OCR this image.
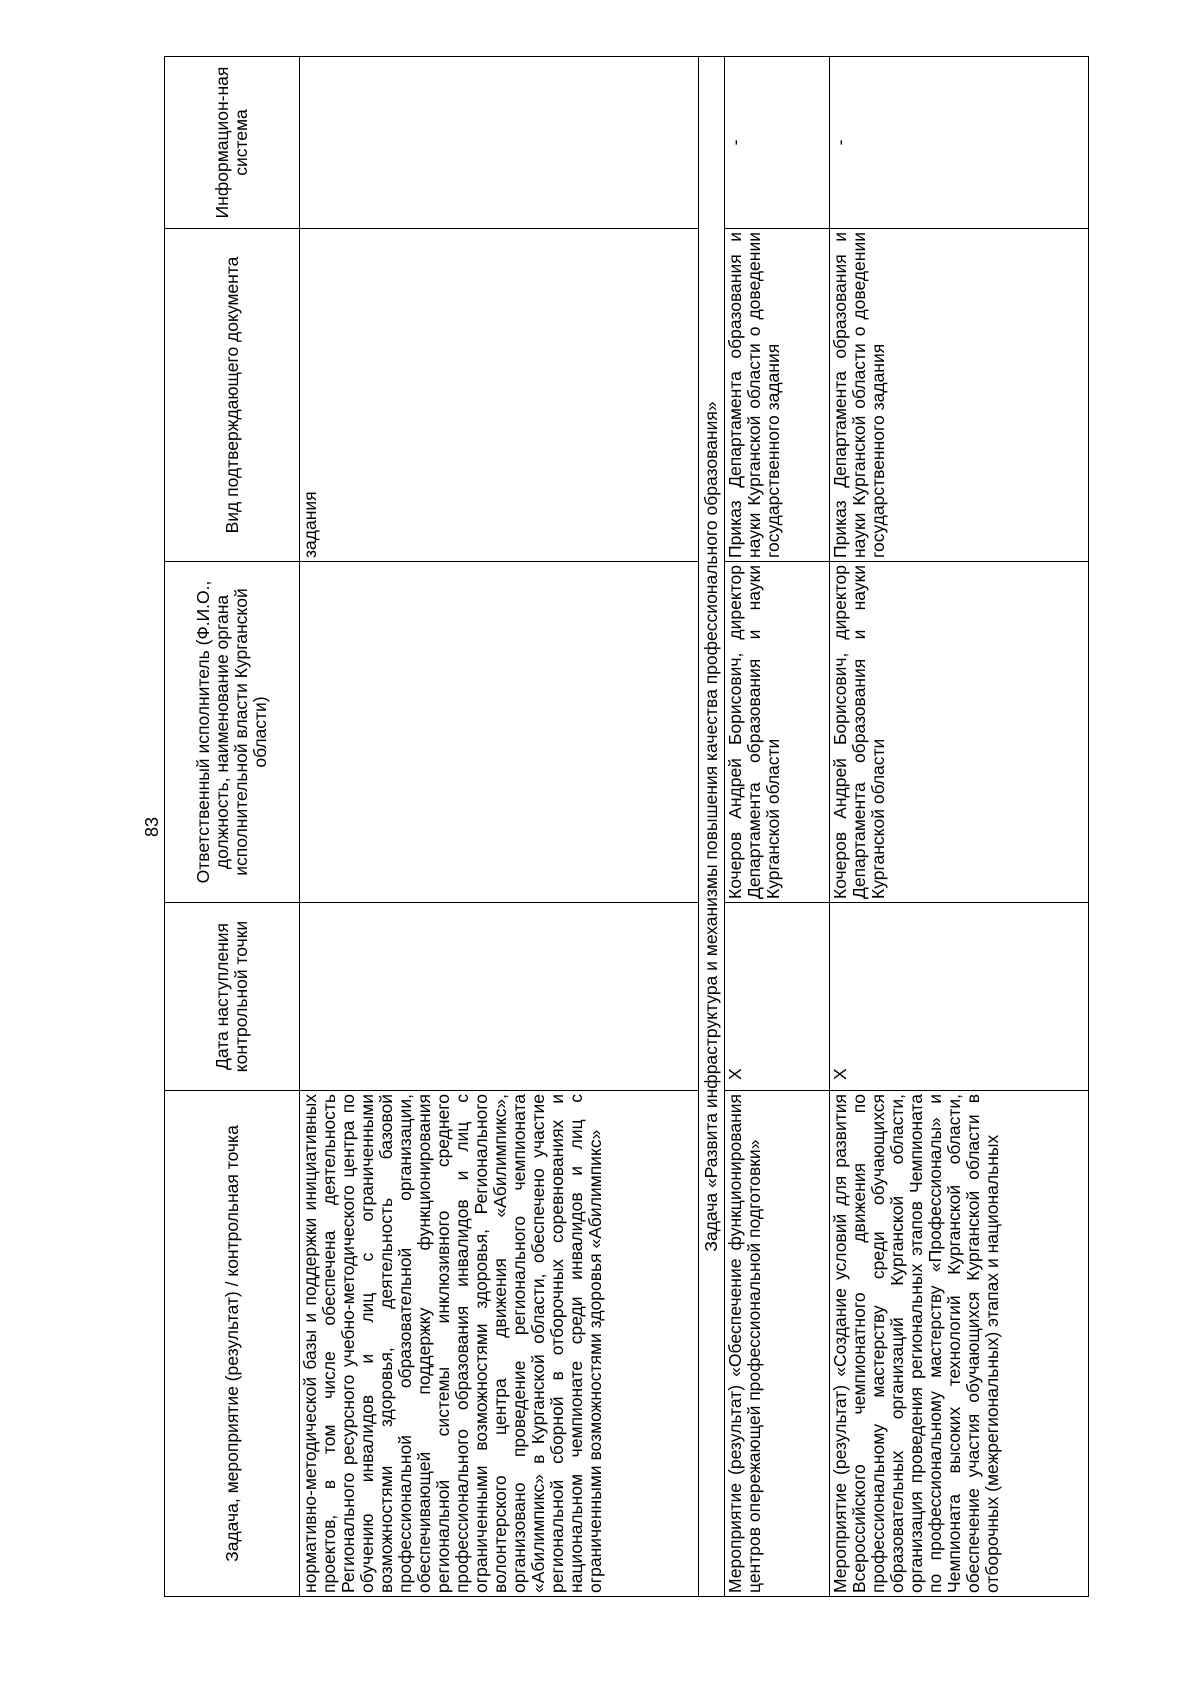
83
Задача, мероприятие (результат) / контрольная точка	Дата наступления контрольной точки	Ответственный исполнитель (Ф.И.О., должность, наименование органа исполнительной власти Курганской области)	Вид подтверждающего документа	Информацион-ная система
нормативно-методической базы и поддержки инициативных проектов, в том числе обеспечена деятельность Регионального ресурсного учебно-методического центра по обучению инвалидов и лиц с ограниченными возможностями здоровья, деятельность базовой профессиональной образовательной организации, обеспечивающей поддержку функционирования региональной системы инклюзивного среднего профессионального образования инвалидов и лиц с ограниченными возможностями здоровья, Регионального волонтерского центра движения «Абилимпикс», организовано проведение регионального чемпионата «Абилимпикс» в Курганской области, обеспечено участие региональной сборной в отборочных соревнованиях и национальном чемпионате среди инвалидов и лиц с ограниченными возможностями здоровья «Абилимпикс»			задания	
Задача «Развита инфраструктура и механизмы повышения качества профессионального образования»				
Мероприятие (результат) «Обеспечение функционирования центров опережающей профессиональной подготовки»	X	Кочеров Андрей Борисович, директор Департамента образования и науки Курганской области	Приказ Департамента образования и науки Курганской области о доведении государственного задания	-
Мероприятие (результат) «Создание условий для развития Всероссийского чемпионатного движения по профессиональному мастерству среди обучающихся образовательных организаций Курганской области, организация проведения региональных этапов Чемпионата по профессиональному мастерству «Профессионалы» и Чемпионата высоких технологий Курганской области, обеспечение участия обучающихся Курганской области в отборочных (межрегиональных) этапах и национальных	X	Кочеров Андрей Борисович, директор Департамента образования и науки Курганской области	Приказ Департамента образования и науки Курганской области о доведении государственного задания	-
